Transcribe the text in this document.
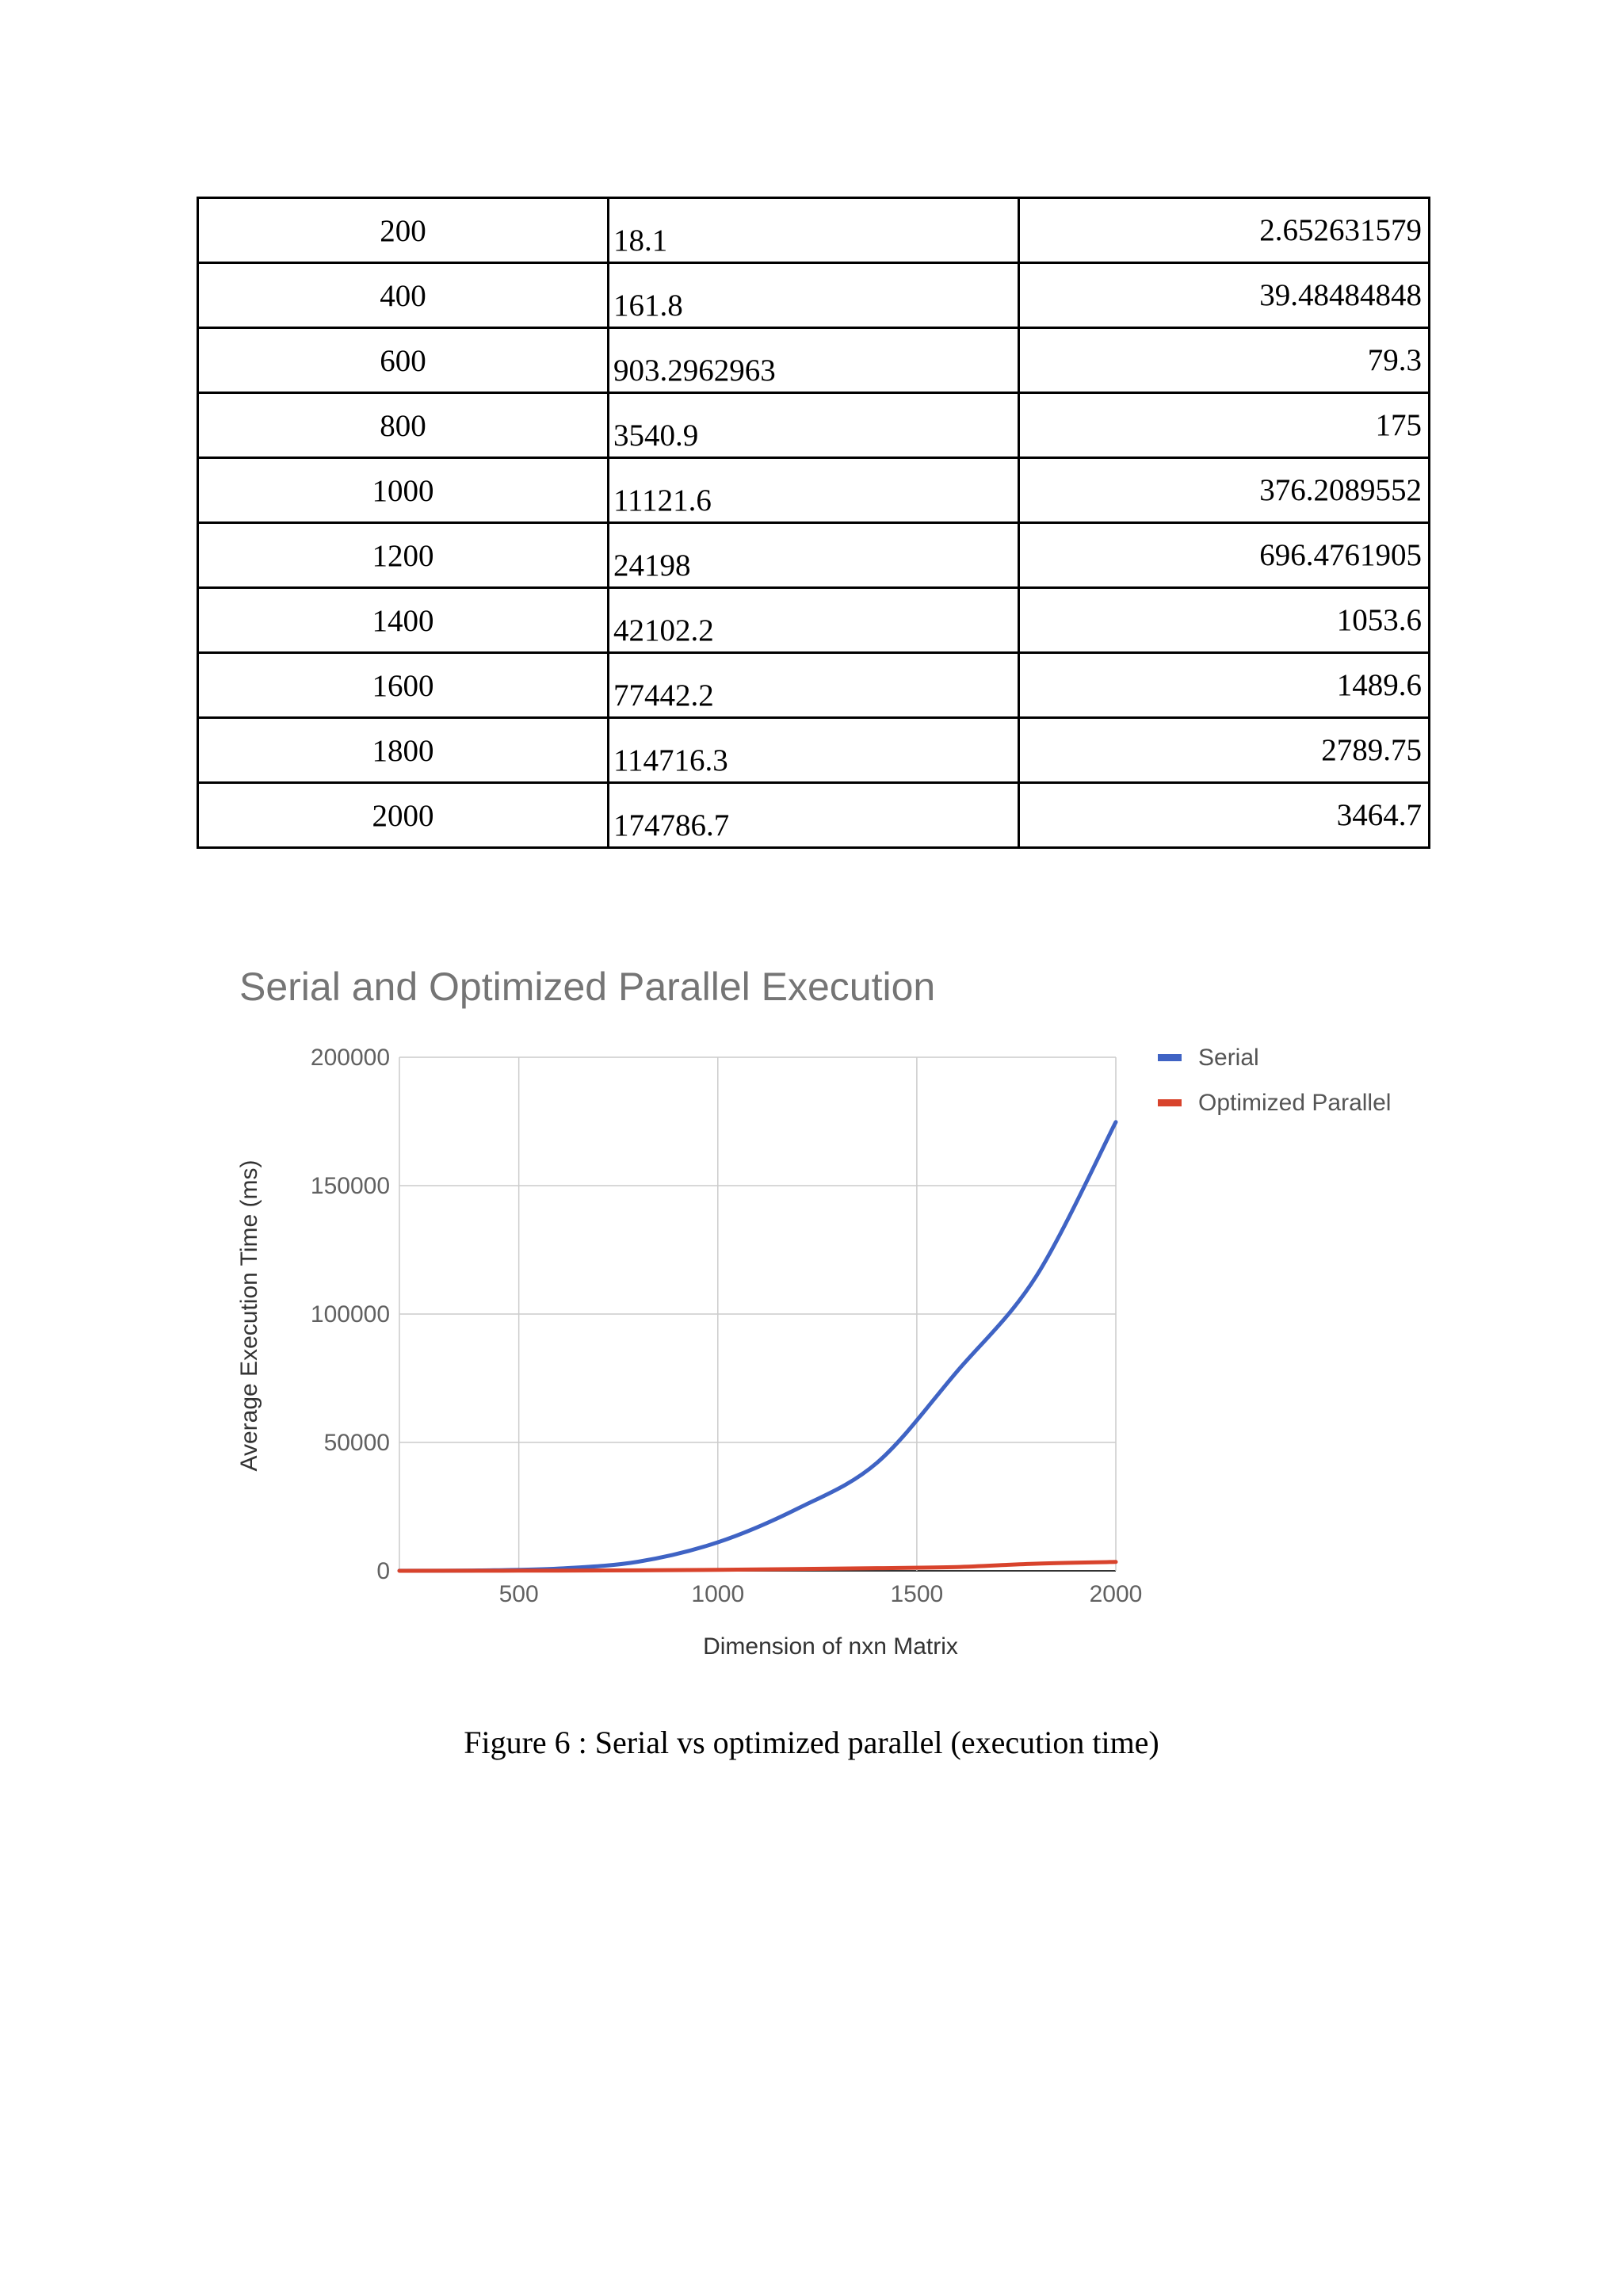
200	18.1	2.652631579
400	161.8	39.48484848
600	903.2962963	79.3
800	3540.9	175
1000	11121.6	376.2089552
1200	24198	696.4761905
1400	42102.2	1053.6
1600	77442.2	1489.6
1800	114716.3	2789.75
2000	174786.7	3464.7
Serial and Optimized Parallel Execution
0
50000
100000
150000
200000
500	1000	1500	2000
Serial
Optimized Parallel
Dimension of nxn Matrix
Average Execution Time (ms)
Figure 6 : Serial vs optimized parallel (execution time)
